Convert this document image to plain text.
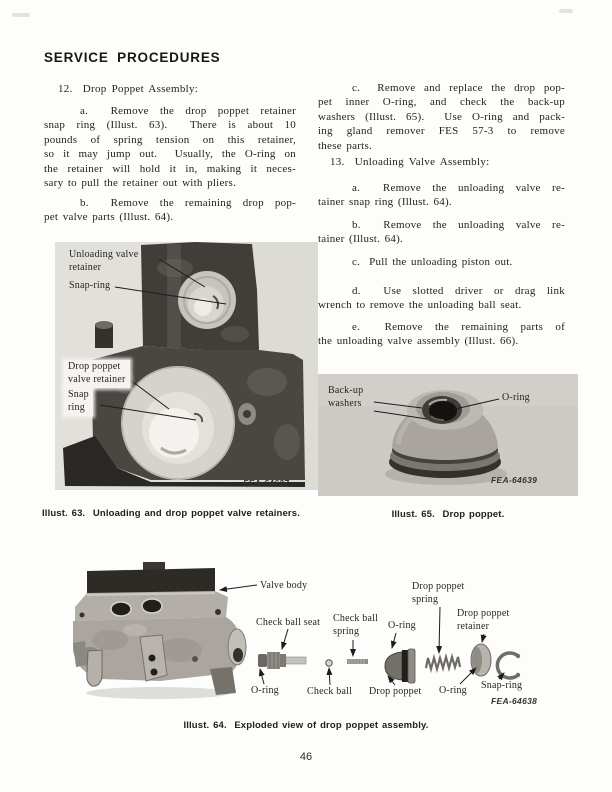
SERVICE PROCEDURES
12.  Drop Poppet Assembly:
a.  Remove the drop poppet retainer
snap ring (Illust. 63).  There is about 10
pounds of spring tension on this retainer,
so it may jump out.  Usually, the O-ring on
the retainer will hold it in, making it neces-
sary to pull the retainer out with pliers.
b.  Remove the remaining drop pop-
pet valve parts (Illust. 64).
c.  Remove and replace the drop pop-
pet inner O-ring, and check the back-up
washers (Illust. 65).  Use O-ring and pack-
ing gland remover FES 57-3 to remove
these parts.
13.  Unloading Valve Assembly:
a.  Remove the unloading valve re-
tainer snap ring (Illust. 64).
b.  Remove the unloading valve re-
tainer (Illust. 64).
c.  Pull the unloading piston out.
d.  Use slotted driver or drag link
wrench to remove the unloading ball seat.
e.  Remove the remaining parts of
the unloading valve assembly (Illust. 66).
Unloading valve
retainer
Snap-ring
Drop poppet
valve retainer
Snap
ring
FEA-64637
Illust. 63.  Unloading and drop poppet valve retainers.
Back-up
washers	O-ring
FEA-64639
Illust. 65.  Drop poppet.
Valve body
Check ball seat Check ball
spring	O-ring
Drop poppet
spring
Drop poppet
retainer
O-ring	Check ball Drop poppet O-ring Snap-ring
FEA-64638
Illust. 64.  Exploded view of drop poppet assembly.
46
